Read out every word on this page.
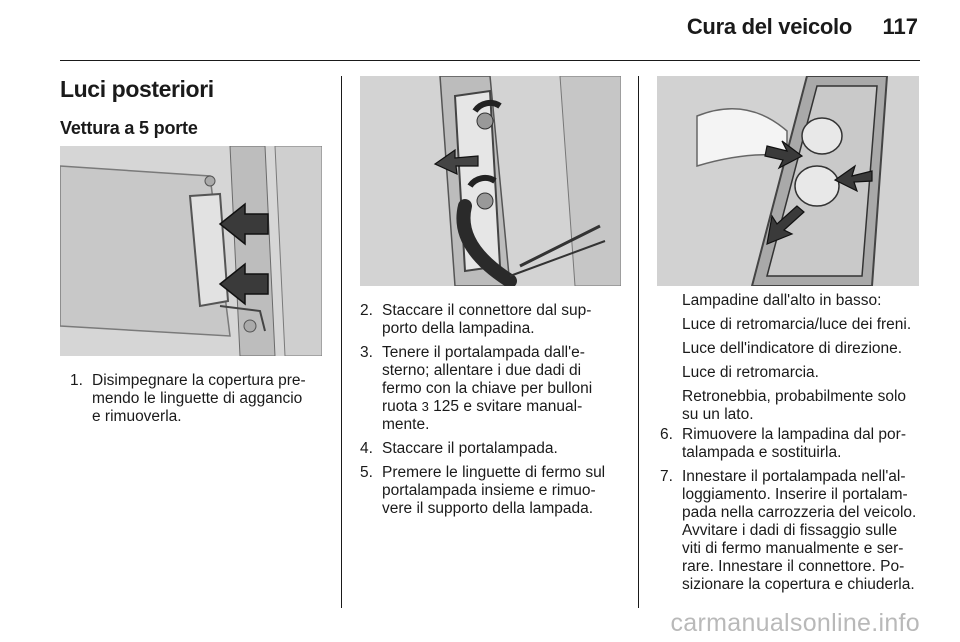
Cura del veicolo 117
Luci posteriori
Vettura a 5 porte
1. Disimpegnare la copertura pre-
mendo le linguette di aggancio
e rimuoverla.
2. Staccare il connettore dal sup-
porto della lampadina.
3. Tenere il portalampada dall'e-
sterno; allentare i due dadi di
fermo con la chiave per bulloni
ruota 3 125 e svitare manual-
mente.
4. Staccare il portalampada.
5. Premere le linguette di fermo sul
portalampada insieme e rimuo-
vere il supporto della lampada.
Lampadine dall'alto in basso:
Luce di retromarcia/luce dei freni.
Luce dell'indicatore di direzione.
Luce di retromarcia.
Retronebbia, probabilmente solo
su un lato.
6. Rimuovere la lampadina dal por-
talampada e sostituirla.
7. Innestare il portalampada nell'al-
loggiamento. Inserire il portalam-
pada nella carrozzeria del veicolo.
Avvitare i dadi di fissaggio sulle
viti di fermo manualmente e ser-
rare. Innestare il connettore. Po-
sizionare la copertura e chiuderla.
carmanualsonline.info
